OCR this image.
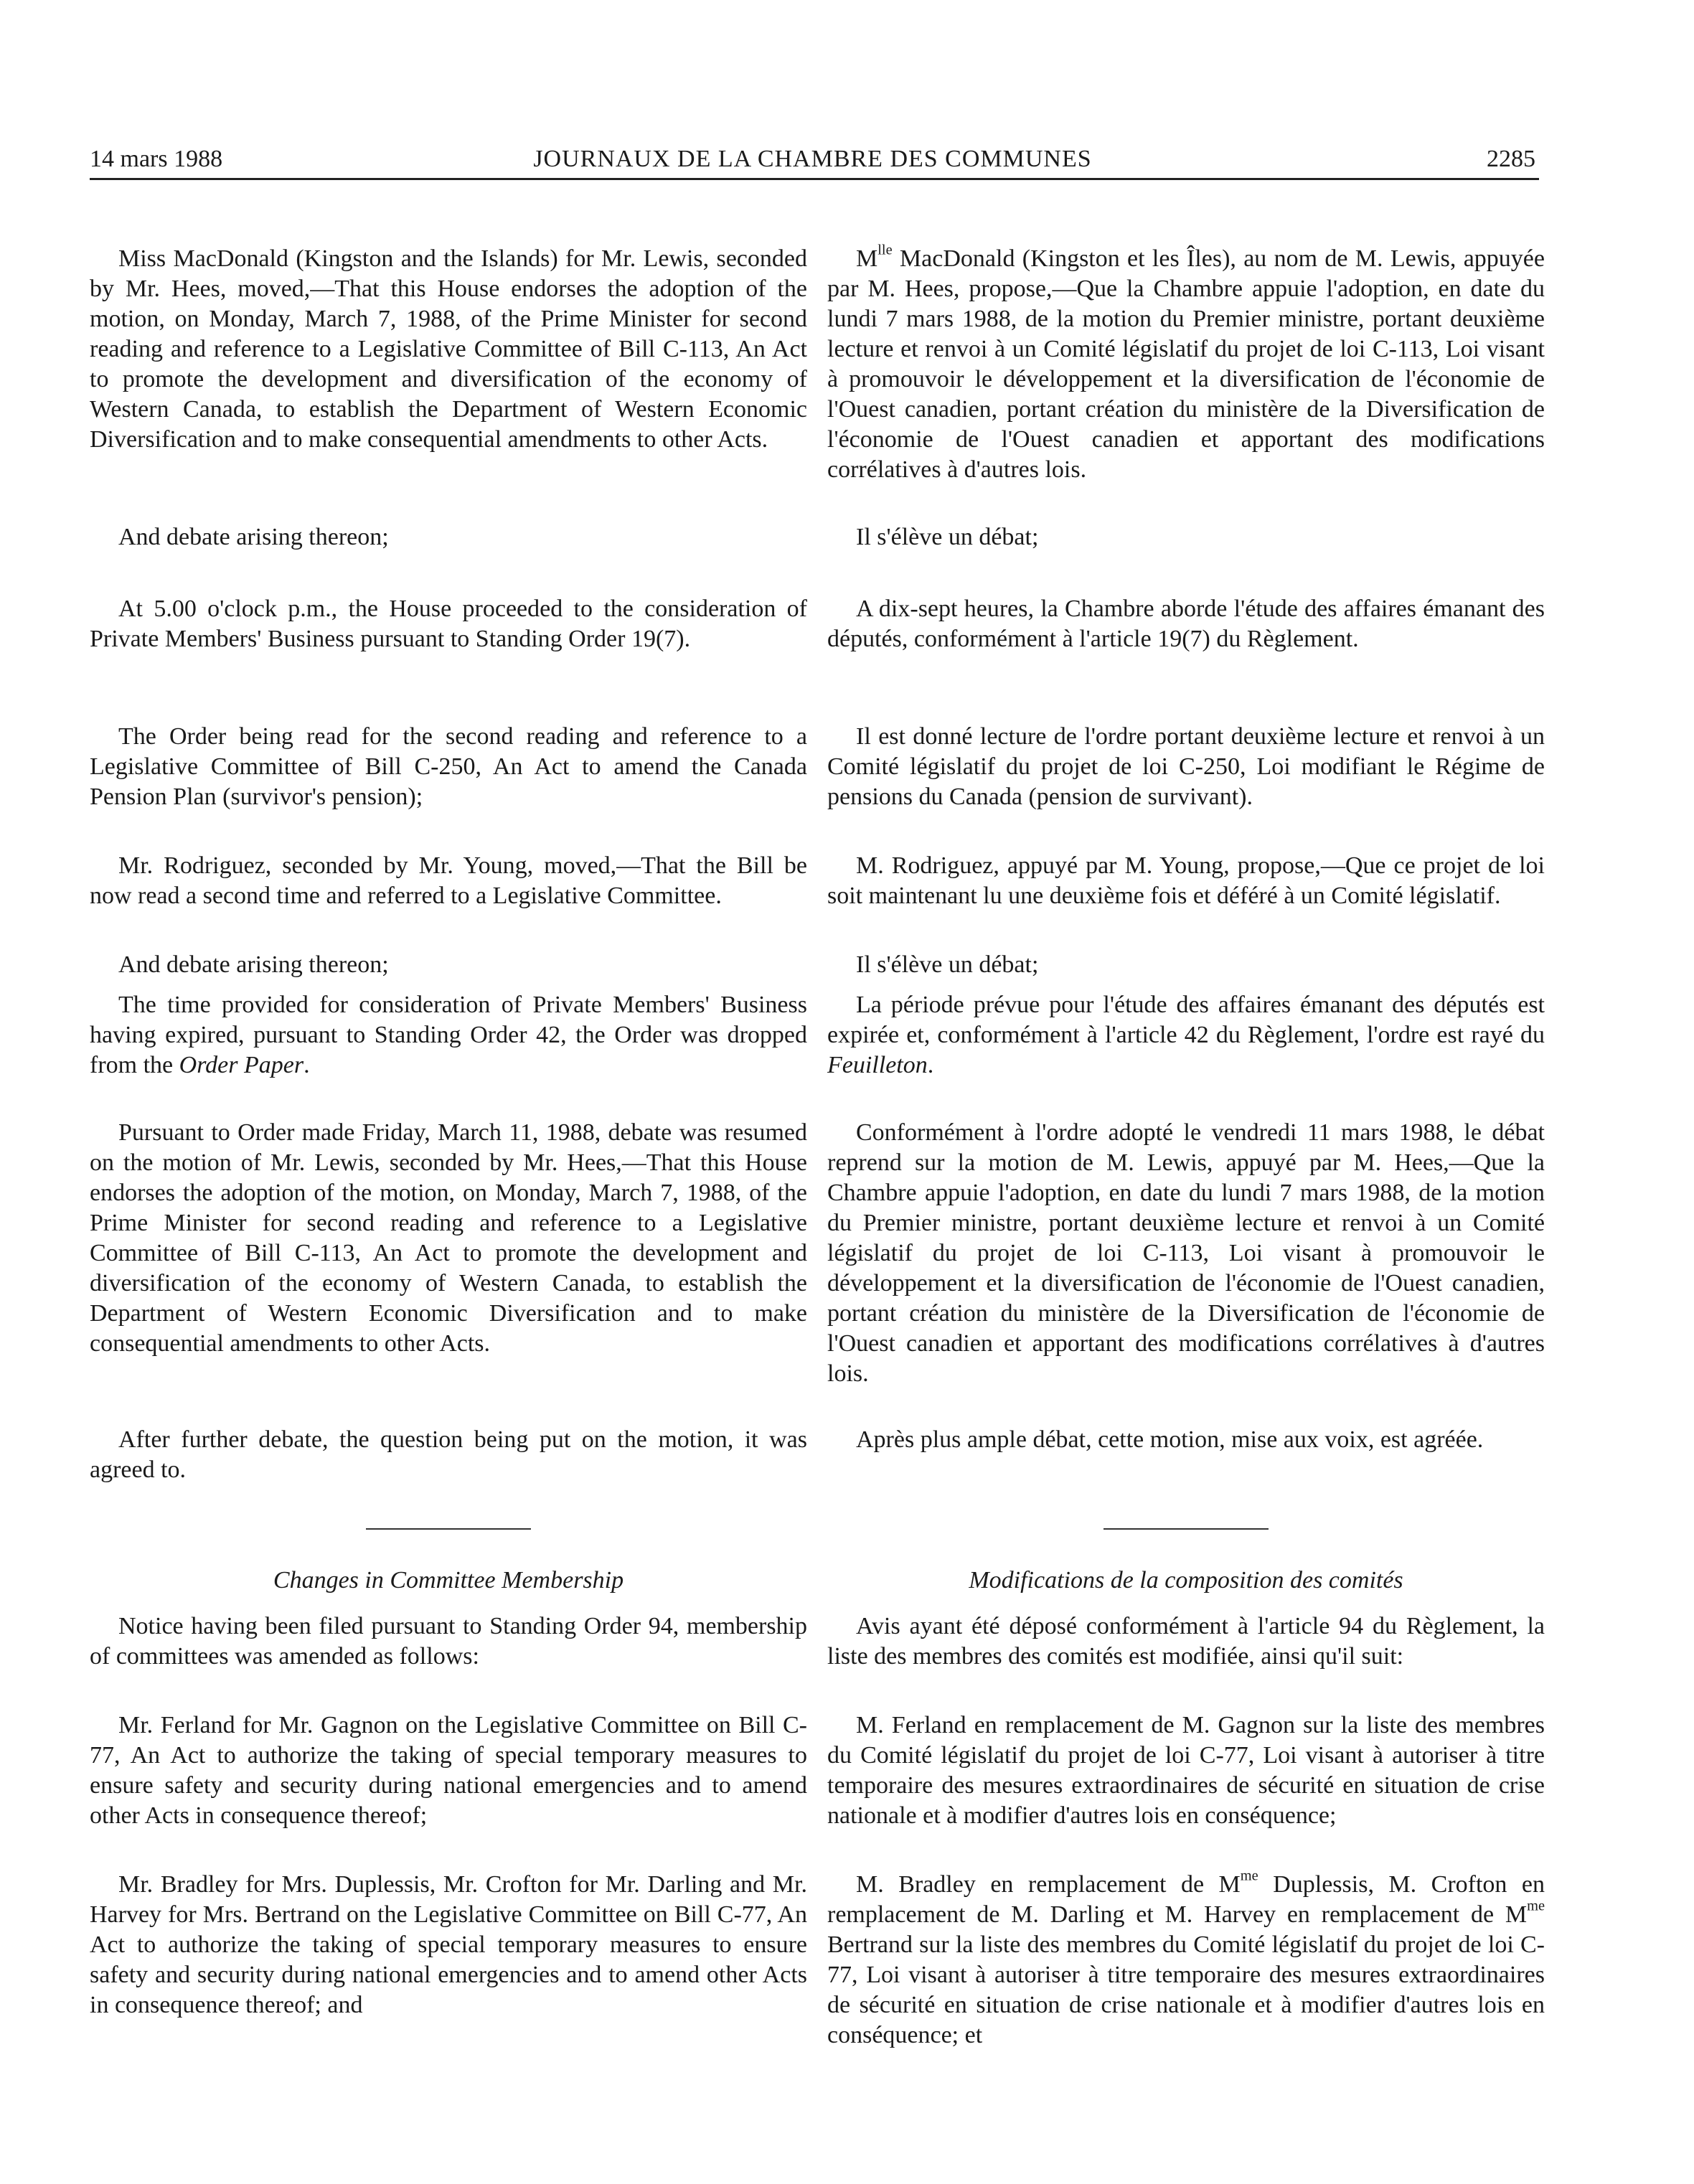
14 mars 1988	JOURNAUX DE LA CHAMBRE DES COMMUNES	2285

Miss MacDonald (Kingston and the Islands) for Mr. Lewis, seconded by Mr. Hees, moved,—That this House endorses the adoption of the motion, on Monday, March 7, 1988, of the Prime Minister for second reading and reference to a Legislative Committee of Bill C-113, An Act to promote the development and diversification of the economy of Western Canada, to establish the Department of Western Economic Diversification and to make consequential amendments to other Acts.

And debate arising thereon;

At 5.00 o'clock p.m., the House proceeded to the consideration of Private Members' Business pursuant to Standing Order 19(7).

The Order being read for the second reading and reference to a Legislative Committee of Bill C-250, An Act to amend the Canada Pension Plan (survivor's pension);

Mr. Rodriguez, seconded by Mr. Young, moved,—That the Bill be now read a second time and referred to a Legislative Committee.

And debate arising thereon;

The time provided for consideration of Private Members' Business having expired, pursuant to Standing Order 42, the Order was dropped from the Order Paper.

Pursuant to Order made Friday, March 11, 1988, debate was resumed on the motion of Mr. Lewis, seconded by Mr. Hees,—That this House endorses the adoption of the motion, on Monday, March 7, 1988, of the Prime Minister for second reading and reference to a Legislative Committee of Bill C-113, An Act to promote the development and diversification of the economy of Western Canada, to establish the Department of Western Economic Diversification and to make consequential amendments to other Acts.

After further debate, the question being put on the motion, it was agreed to.

Changes in Committee Membership

Notice having been filed pursuant to Standing Order 94, membership of committees was amended as follows:

Mr. Ferland for Mr. Gagnon on the Legislative Committee on Bill C-77, An Act to authorize the taking of special temporary measures to ensure safety and security during national emergencies and to amend other Acts in consequence thereof;

Mr. Bradley for Mrs. Duplessis, Mr. Crofton for Mr. Darling and Mr. Harvey for Mrs. Bertrand on the Legislative Committee on Bill C-77, An Act to authorize the taking of special temporary measures to ensure safety and security during national emergencies and to amend other Acts in consequence thereof; and

$M^{lle}$ MacDonald (Kingston et les Îles), au nom de M. Lewis, appuyée par M. Hees, propose,—Que la Chambre appuie l'adoption, en date du lundi 7 mars 1988, de la motion du Premier ministre, portant deuxième lecture et renvoi à un Comité législatif du projet de loi C-113, Loi visant à promouvoir le développement et la diversification de l'économie de l'Ouest canadien, portant création du ministère de la Diversification de l'économie de l'Ouest canadien et apportant des modifications corrélatives à d'autres lois.

Il s'élève un débat;

A dix-sept heures, la Chambre aborde l'étude des affaires émanant des députés, conformément à l'article 19(7) du Règlement.

Il est donné lecture de l'ordre portant deuxième lecture et renvoi à un Comité législatif du projet de loi C-250, Loi modifiant le Régime de pensions du Canada (pension de survivant).

M. Rodriguez, appuyé par M. Young, propose,—Que ce projet de loi soit maintenant lu une deuxième fois et déféré à un Comité législatif.

Il s'élève un débat;

La période prévue pour l'étude des affaires émanant des députés est expirée et, conformément à l'article 42 du Règlement, l'ordre est rayé du Feuilleton.

Conformément à l'ordre adopté le vendredi 11 mars 1988, le débat reprend sur la motion de M. Lewis, appuyé par M. Hees,—Que la Chambre appuie l'adoption, en date du lundi 7 mars 1988, de la motion du Premier ministre, portant deuxième lecture et renvoi à un Comité législatif du projet de loi C-113, Loi visant à promouvoir le développement et la diversification de l'économie de l'Ouest canadien, portant création du ministère de la Diversification de l'économie de l'Ouest canadien et apportant des modifications corrélatives à d'autres lois.

Après plus ample débat, cette motion, mise aux voix, est agréée.

Modifications de la composition des comités

Avis ayant été déposé conformément à l'article 94 du Règlement, la liste des membres des comités est modifiée, ainsi qu'il suit:

M. Ferland en remplacement de M. Gagnon sur la liste des membres du Comité législatif du projet de loi C-77, Loi visant à autoriser à titre temporaire des mesures extraordinaires de sécurité en situation de crise nationale et à modifier d'autres lois en conséquence;

M. Bradley en remplacement de $M^{me}$ Duplessis, M. Crofton en remplacement de M. Darling et M. Harvey en remplacement de $M^{me}$ Bertrand sur la liste des membres du Comité législatif du projet de loi C-77, Loi visant à autoriser à titre temporaire des mesures extraordinaires de sécurité en situation de crise nationale et à modifier d'autres lois en conséquence; et
